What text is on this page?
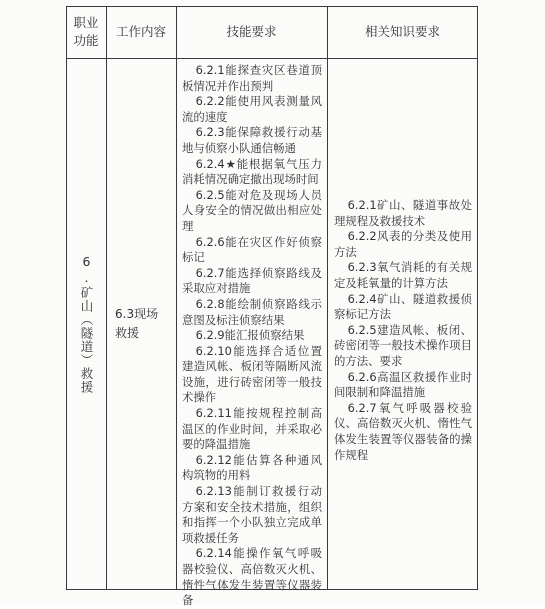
职业功能
工作内容	技能要求	相关知识要求
6.矿山（隧道）救援 6.3现场救援

6.2.1能探查灾区巷道顶板情况并作出预判

6.2.2能使用风表测量风流的速度

6.2.3能保障救援行动基地与侦察小队通信畅通

6.2.4★能根据氧气压力消耗情况确定撤出现场时间

6.2.5能对危及现场人员人身安全的情况做出相应处理

6.2.6能在灾区作好侦察标记

6.2.7能选择侦察路线及采取应对措施

6.2.8能绘制侦察路线示意图及标注侦察结果

6.2.9能汇报侦察结果

6.2.10能选择合适位置建造风帐、板闭等隔断风流设施，进行砖密闭等一般技术操作

6.2.11能按规程控制高温区的作业时间，并采取必要的降温措施

6.2.12能估算各种通风构筑物的用料

6.2.13能制订救援行动方案和安全技术措施，组织和指挥一个小队独立完成单项救援任务

6.2.14能操作氧气呼吸器校验仪、高倍数灭火机、惰性气体发生装置等仪器装备

6.2.1矿山、隧道事故处理规程及救援技术

6.2.2风表的分类及使用方法

6.2.3氧气消耗的有关规定及耗氧量的计算方法

6.2.4矿山、隧道救援侦察标记方法

6.2.5建造风帐、板闭、砖密闭等一般技术操作项目的方法、要求

6.2.6高温区救援作业时间限制和降温措施

6.2.7氧气呼吸器校验仪、高倍数灭火机、惰性气体发生装置等仪器装备的操作规程
